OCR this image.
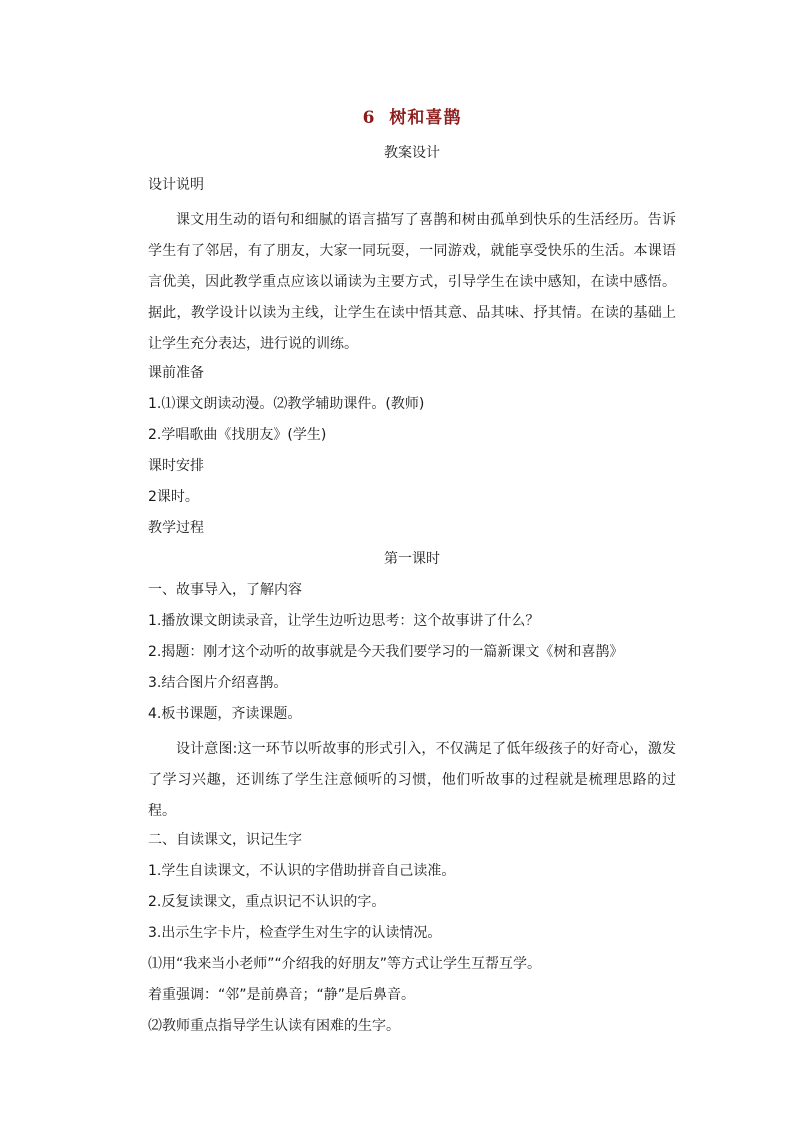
6 树和喜鹊
教案设计
设计说明
课文用生动的语句和细腻的语言描写了喜鹊和树由孤单到快乐的生活经历。告诉学生有了邻居，有了朋友，大家一同玩耍，一同游戏，就能享受快乐的生活。本课语言优美，因此教学重点应该以诵读为主要方式，引导学生在读中感知，在读中感悟。据此，教学设计以读为主线，让学生在读中悟其意、品其味、抒其情。在读的基础上让学生充分表达，进行说的训练。
课前准备
1.⑴课文朗读动漫。⑵教学辅助课件。(教师)
2.学唱歌曲《找朋友》(学生)
课时安排
2课时。
教学过程
第一课时
一、故事导入，了解内容
1.播放课文朗读录音，让学生边听边思考：这个故事讲了什么？
2.揭题：刚才这个动听的故事就是今天我们要学习的一篇新课文《树和喜鹊》
3.结合图片介绍喜鹊。
4.板书课题，齐读课题。
设计意图:这一环节以听故事的形式引入，不仅满足了低年级孩子的好奇心，激发了学习兴趣，还训练了学生注意倾听的习惯，他们听故事的过程就是梳理思路的过程。
二、自读课文，识记生字
1.学生自读课文，不认识的字借助拼音自己读准。
2.反复读课文，重点识记不认识的字。
3.出示生字卡片，检查学生对生字的认读情况。
⑴用“我来当小老师”“介绍我的好朋友”等方式让学生互帮互学。
着重强调：“邻”是前鼻音；“静”是后鼻音。
⑵教师重点指导学生认读有困难的生字。
